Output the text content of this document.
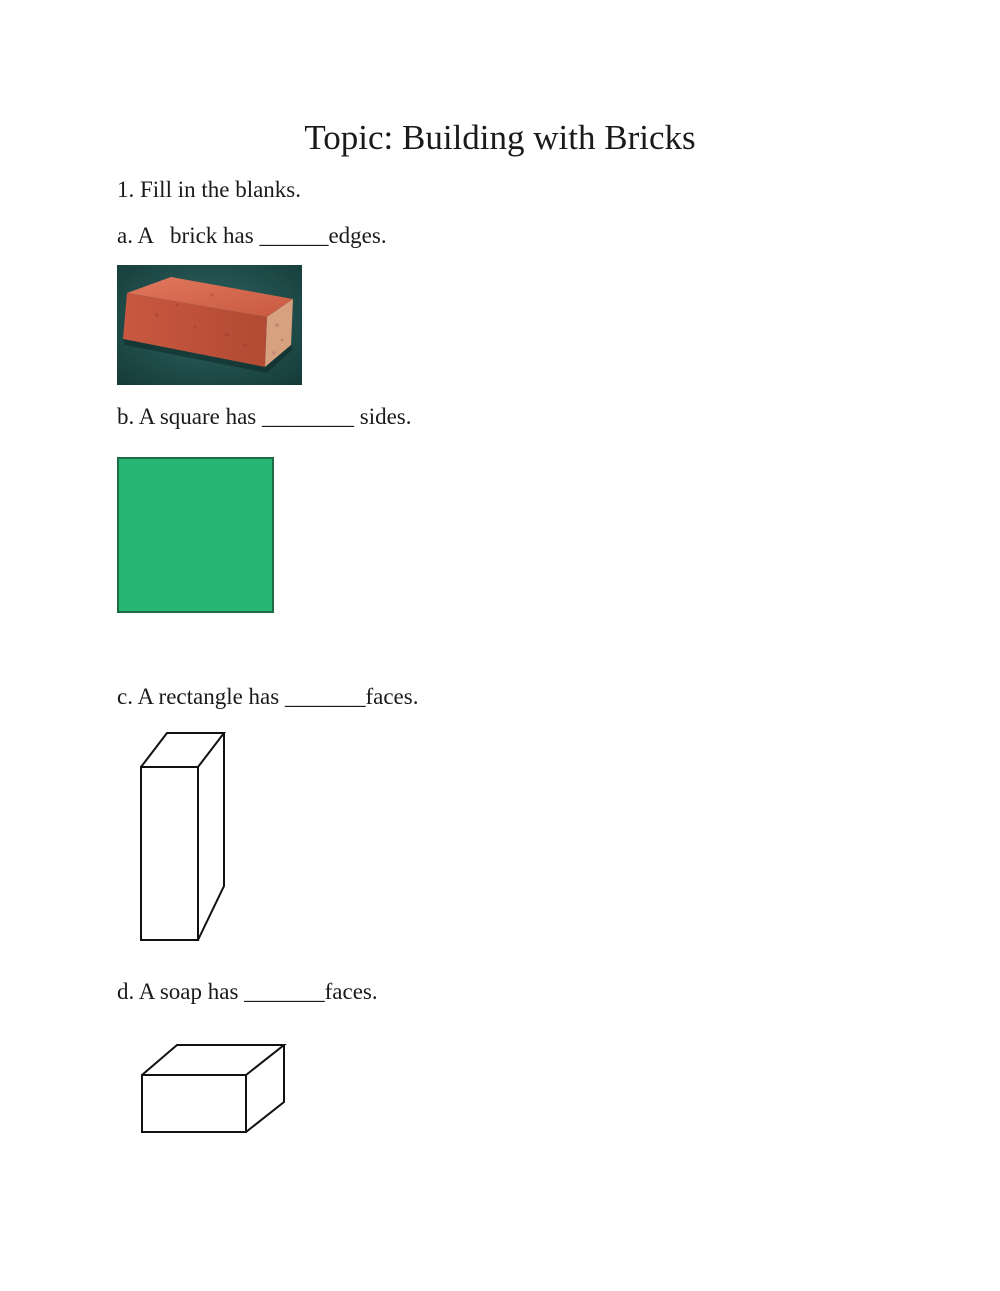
Topic: Building with Bricks
1. Fill in the blanks.
a. A   brick has ______edges.
b. A square has ________ sides.
c. A rectangle has _______faces.
d. A soap has _______faces.
